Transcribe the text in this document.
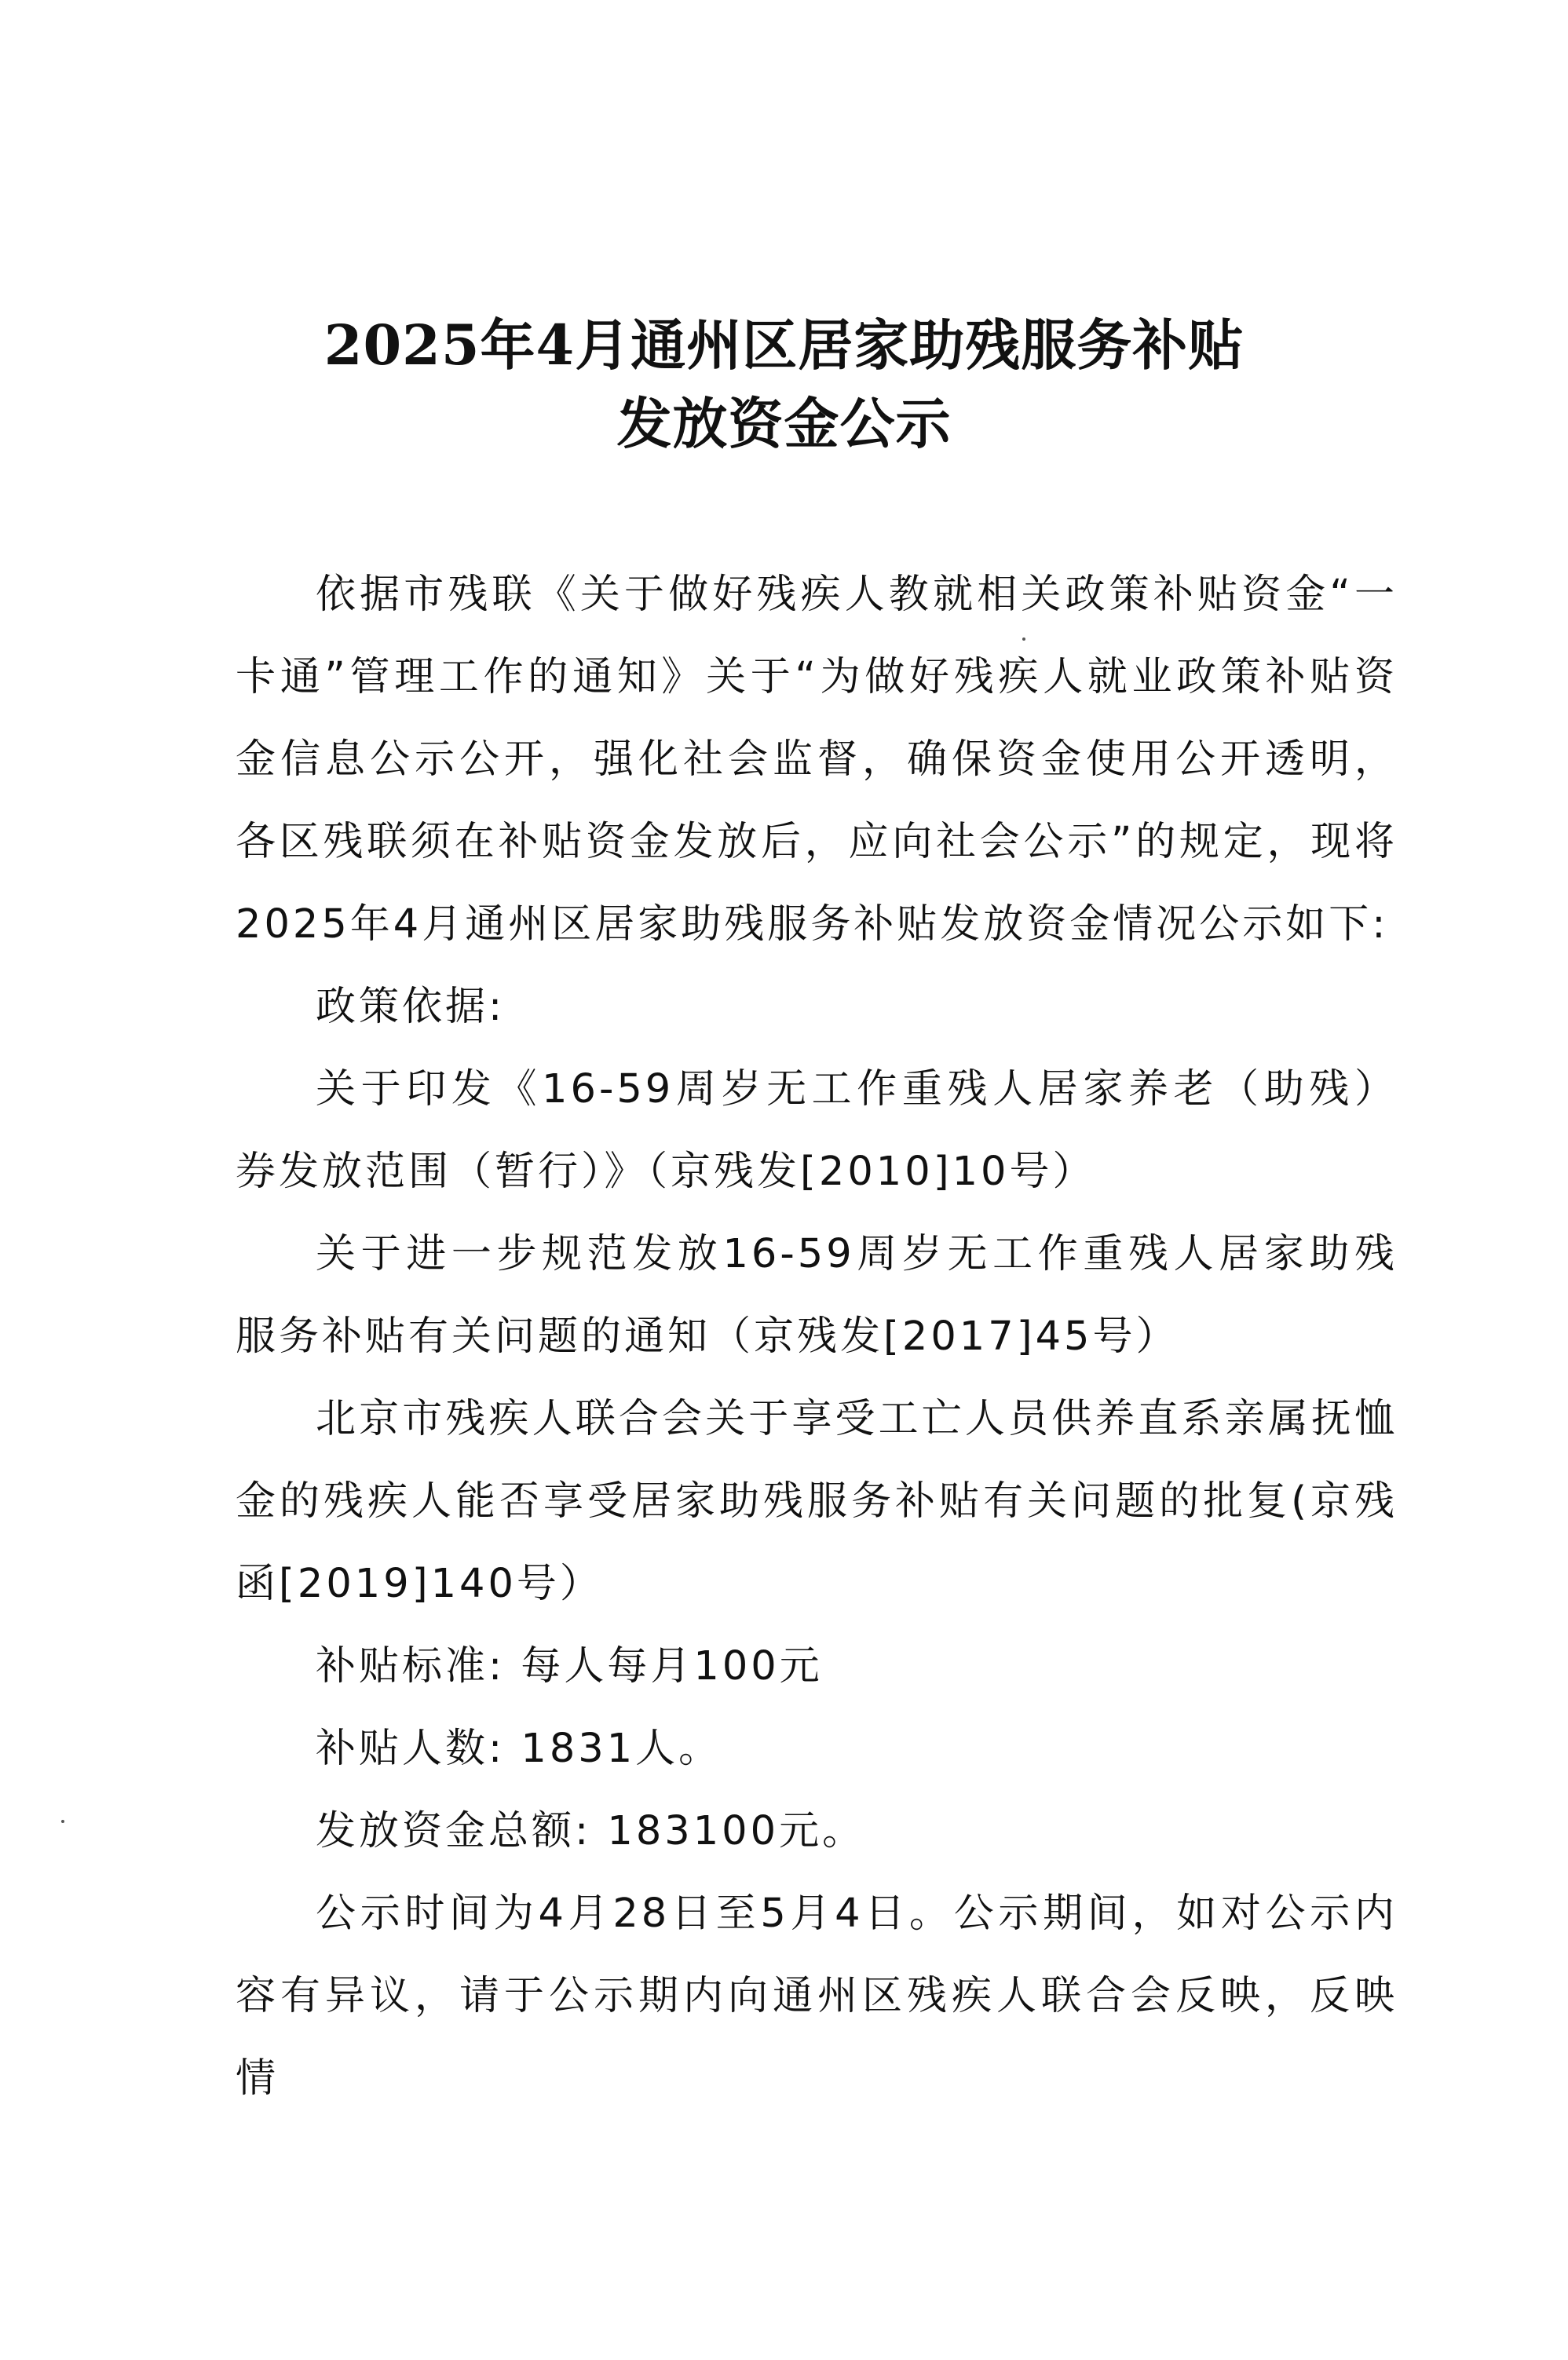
2025年4月通州区居家助残服务补贴
发放资金公示

依据市残联《关于做好残疾人教就相关政策补贴资金“一卡通”管理工作的通知》关于“为做好残疾人就业政策补贴资金信息公示公开，强化社会监督，确保资金使用公开透明，各区残联须在补贴资金发放后，应向社会公示”的规定，现将2025年4月通州区居家助残服务补贴发放资金情况公示如下:

政策依据:

关于印发《16-59周岁无工作重残人居家养老（助残）券发放范围（暂行）》（京残发[2010]10号）

关于进一步规范发放16-59周岁无工作重残人居家助残服务补贴有关问题的通知（京残发[2017]45号）

北京市残疾人联合会关于享受工亡人员供养直系亲属抚恤金的残疾人能否享受居家助残服务补贴有关问题的批复(京残函[2019]140号）

补贴标准: 每人每月100元

补贴人数: 1831人。

发放资金总额: 183100元。

公示时间为4月28日至5月4日。公示期间，如对公示内容有异议，请于公示期内向通州区残疾人联合会反映，反映情
